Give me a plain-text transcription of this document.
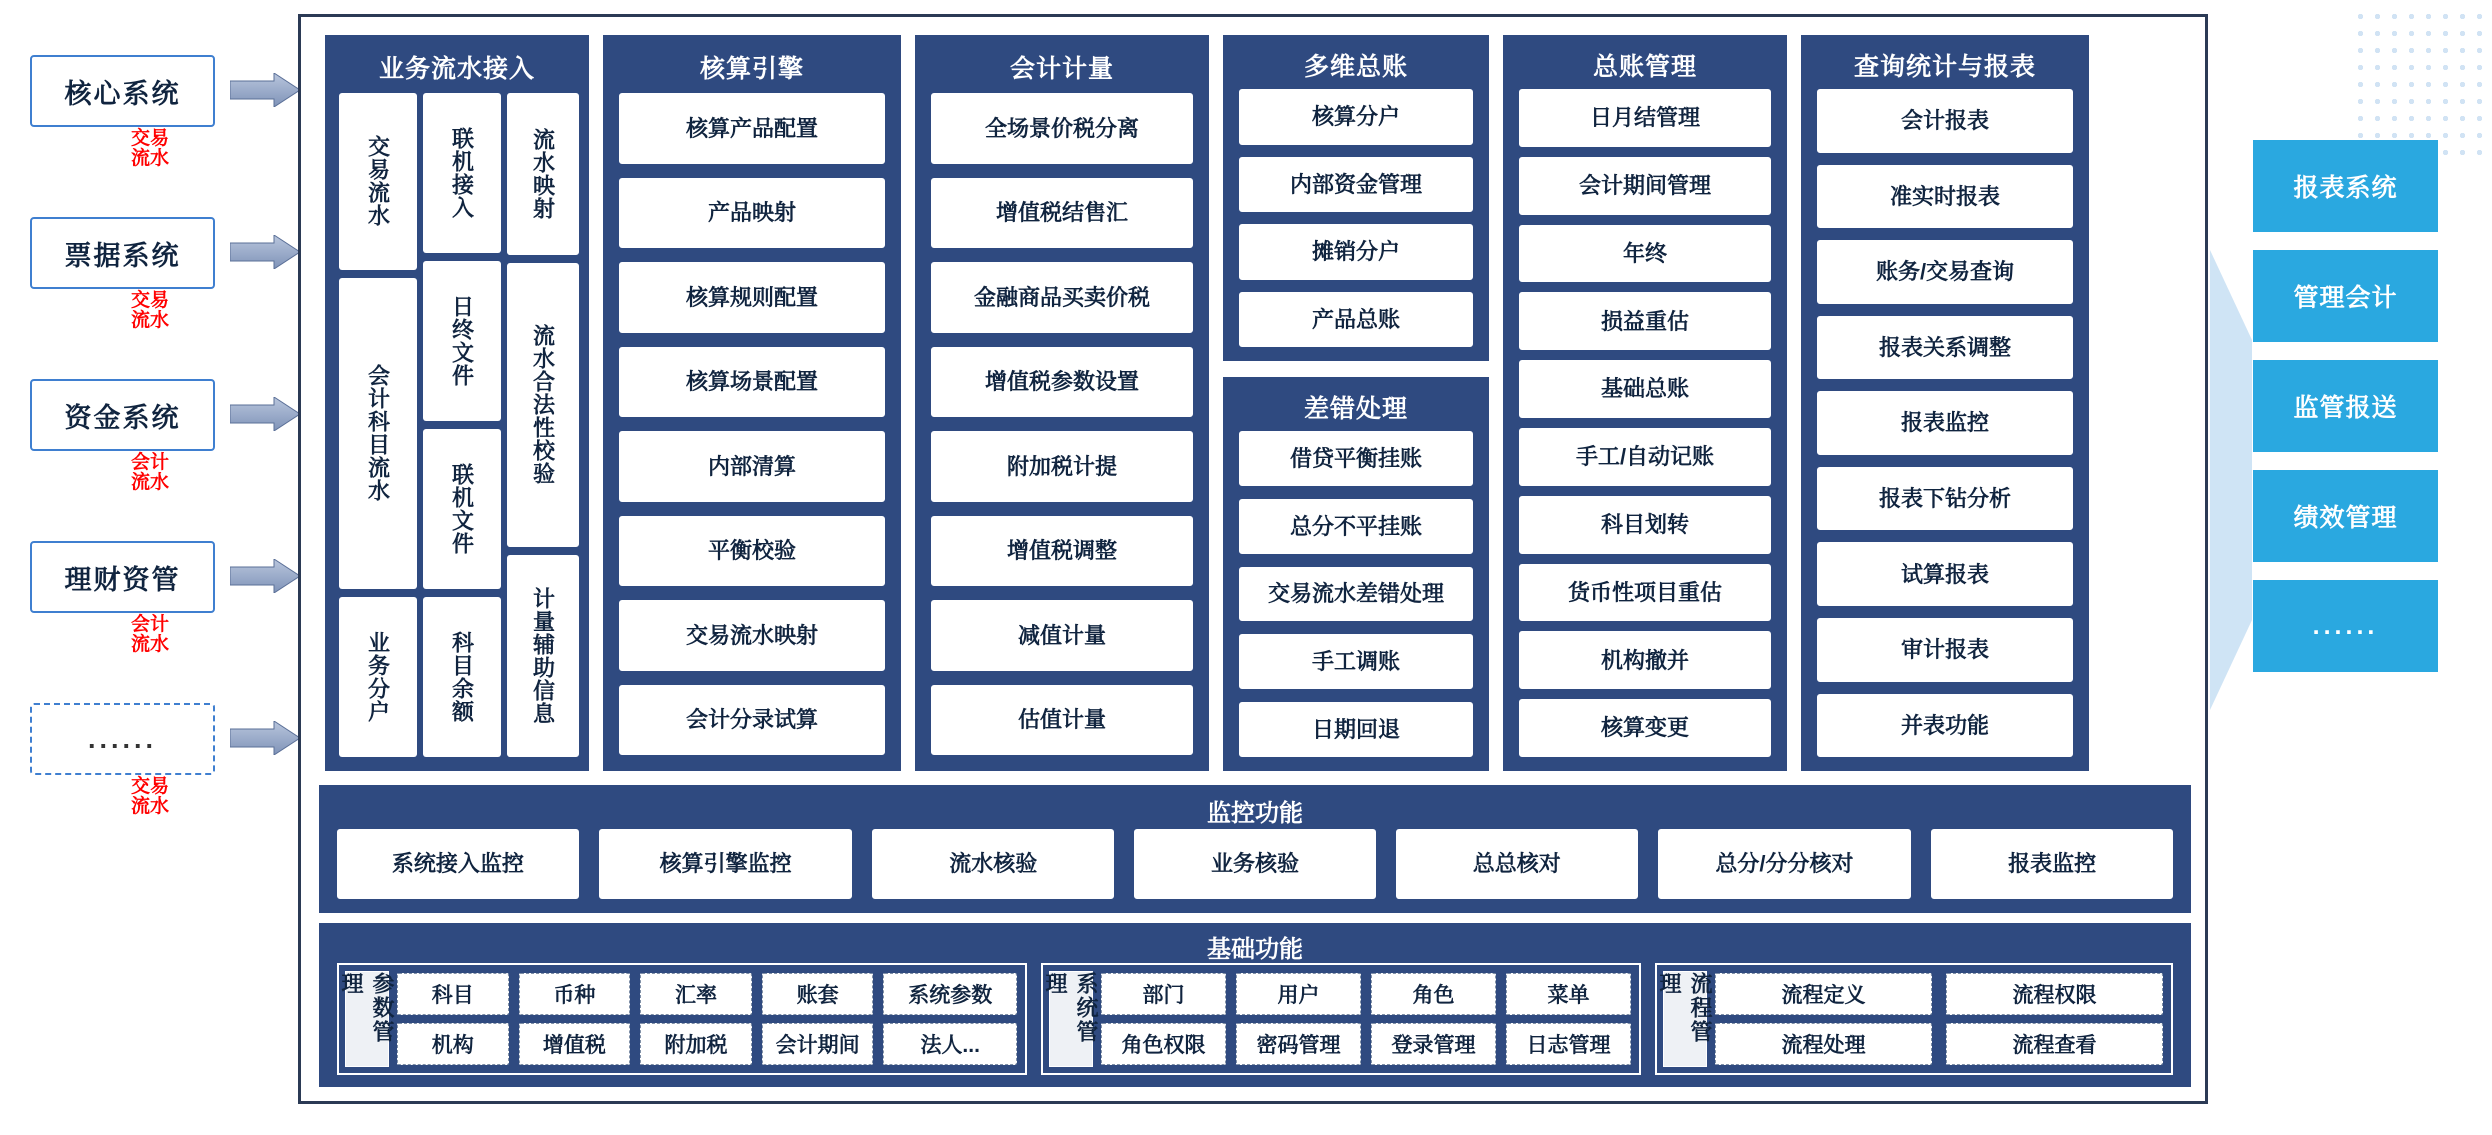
核心系统
交易
流水
票据系统
交易
流水
资金系统
会计
流水
理财资管
会计
流水
......
交易
流水
业务流水接入
交易流水
会计科目流水
业务分户
联机接入
日终文件
联机文件
科目余额
流水映射
流水合法性校验
计量辅助信息
核算引擎
核算产品配置
产品映射
核算规则配置
核算场景配置
内部清算
平衡校验
交易流水映射
会计分录试算
会计计量
全场景价税分离
增值税结售汇
金融商品买卖价税
增值税参数设置
附加税计提
增值税调整
减值计量
估值计量
多维总账
核算分户
内部资金管理
摊销分户
产品总账
差错处理
借贷平衡挂账
总分不平挂账
交易流水差错处理
手工调账
日期回退
总账管理
日月结管理
会计期间管理
年终
损益重估
基础总账
手工/自动记账
科目划转
货币性项目重估
机构撤并
核算变更
查询统计与报表
会计报表
准实时报表
账务/交易查询
报表关系调整
报表监控
报表下钻分析
试算报表
审计报表
并表功能
监控功能
系统接入监控	核算引擎监控	流水核验	业务核验	总总核对	总分/分分核对	报表监控
基础功能
参数管理	科目	币种	汇率	账套	系统参数
机构	增值税	附加税	会计期间	法人...
系统管理	部门	用户	角色	菜单
角色权限	密码管理	登录管理	日志管理
流程管理	流程定义	流程权限
流程处理	流程查看
报表系统
管理会计
监管报送
绩效管理
......
